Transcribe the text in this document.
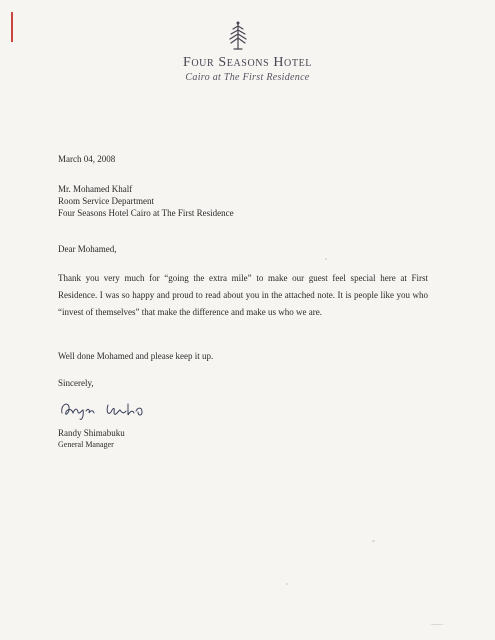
Four Seasons Hotel
Cairo at The First Residence
March 04, 2008
Mr. Mohamed Khalf
Room Service Department
Four Seasons Hotel Cairo at The First Residence
Dear Mohamed,
Thank you very much for “going the extra mile” to make our guest feel special here at First Residence. I was so happy and proud to read about you in the attached note. It is people like you who “invest of themselves” that make the difference and make us who we are.
Well done Mohamed and please keep it up.
Sincerely,
Randy Shimabuku
General Manager
